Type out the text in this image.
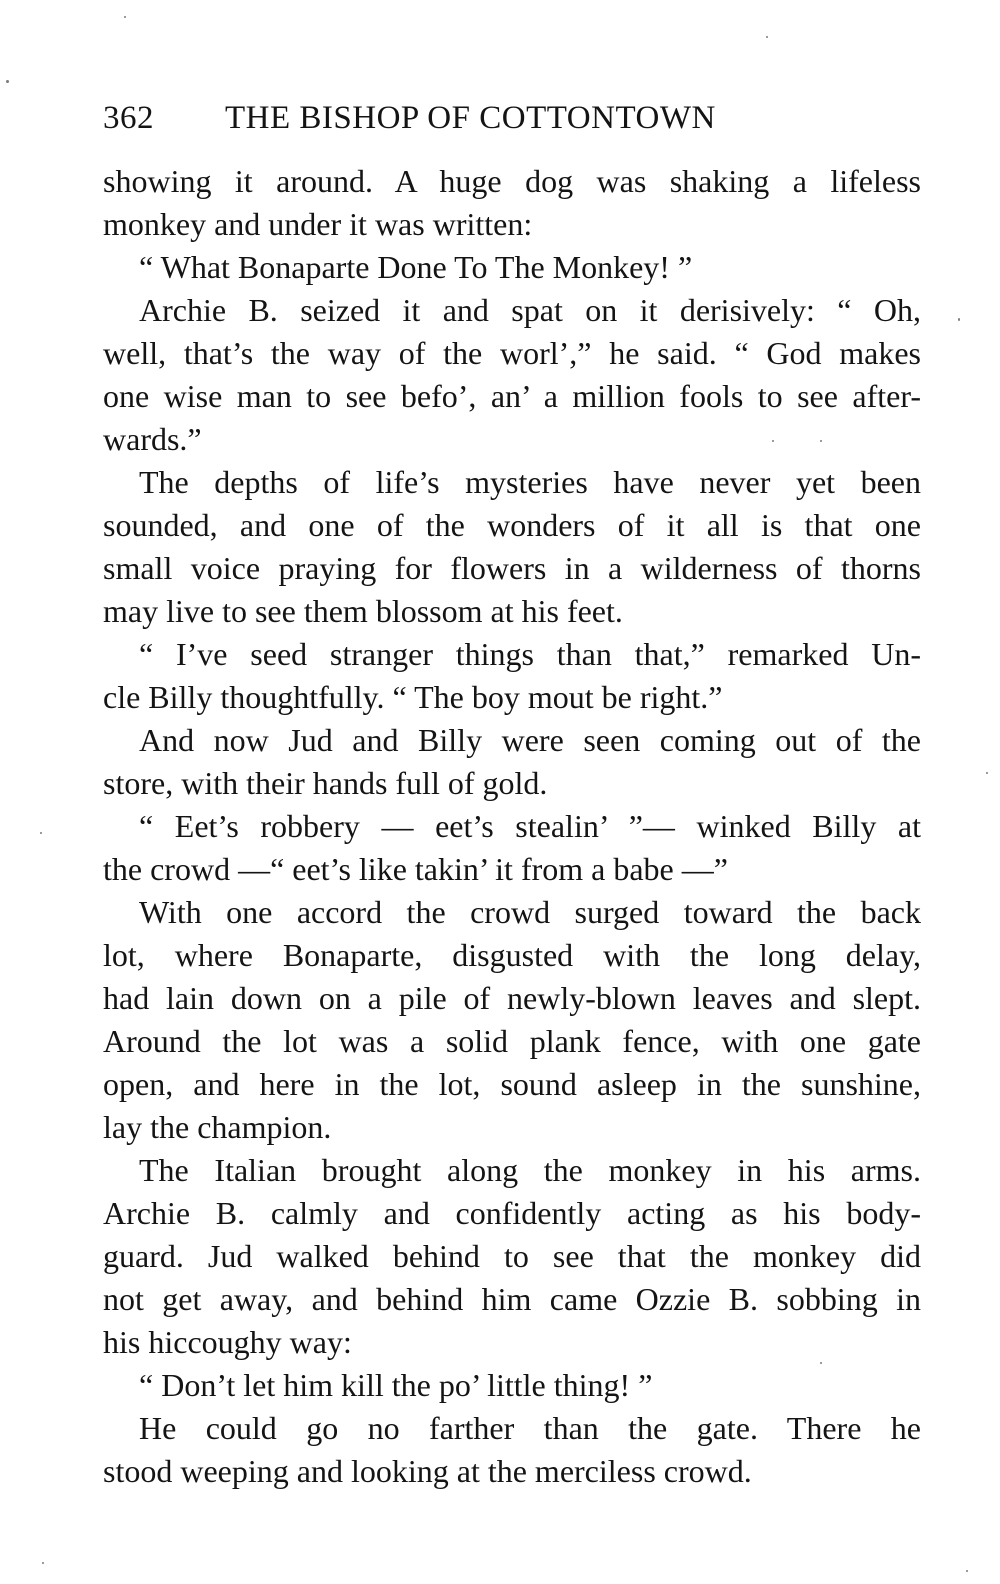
362 THE BISHOP OF COTTONTOWN
showing it around. A huge dog was shaking a lifeless
monkey and under it was written:
“ What Bonaparte Done To The Monkey! ”
Archie B. seized it and spat on it derisively: “ Oh,
well, that’s the way of the worl’,” he said. “ God makes
one wise man to see befo’, an’ a million fools to see after-
wards.”
The depths of life’s mysteries have never yet been
sounded, and one of the wonders of it all is that one
small voice praying for flowers in a wilderness of thorns
may live to see them blossom at his feet.
“ I’ve seed stranger things than that,” remarked Un-
cle Billy thoughtfully. “ The boy mout be right.”
And now Jud and Billy were seen coming out of the
store, with their hands full of gold.
“ Eet’s robbery — eet’s stealin’ ”— winked Billy at
the crowd —“ eet’s like takin’ it from a babe —”
With one accord the crowd surged toward the back
lot, where Bonaparte, disgusted with the long delay,
had lain down on a pile of newly-blown leaves and slept.
Around the lot was a solid plank fence, with one gate
open, and here in the lot, sound asleep in the sunshine,
lay the champion.
The Italian brought along the monkey in his arms.
Archie B. calmly and confidently acting as his body-
guard. Jud walked behind to see that the monkey did
not get away, and behind him came Ozzie B. sobbing in
his hiccoughy way:
“ Don’t let him kill the po’ little thing! ”
He could go no farther than the gate. There he
stood weeping and looking at the merciless crowd.
